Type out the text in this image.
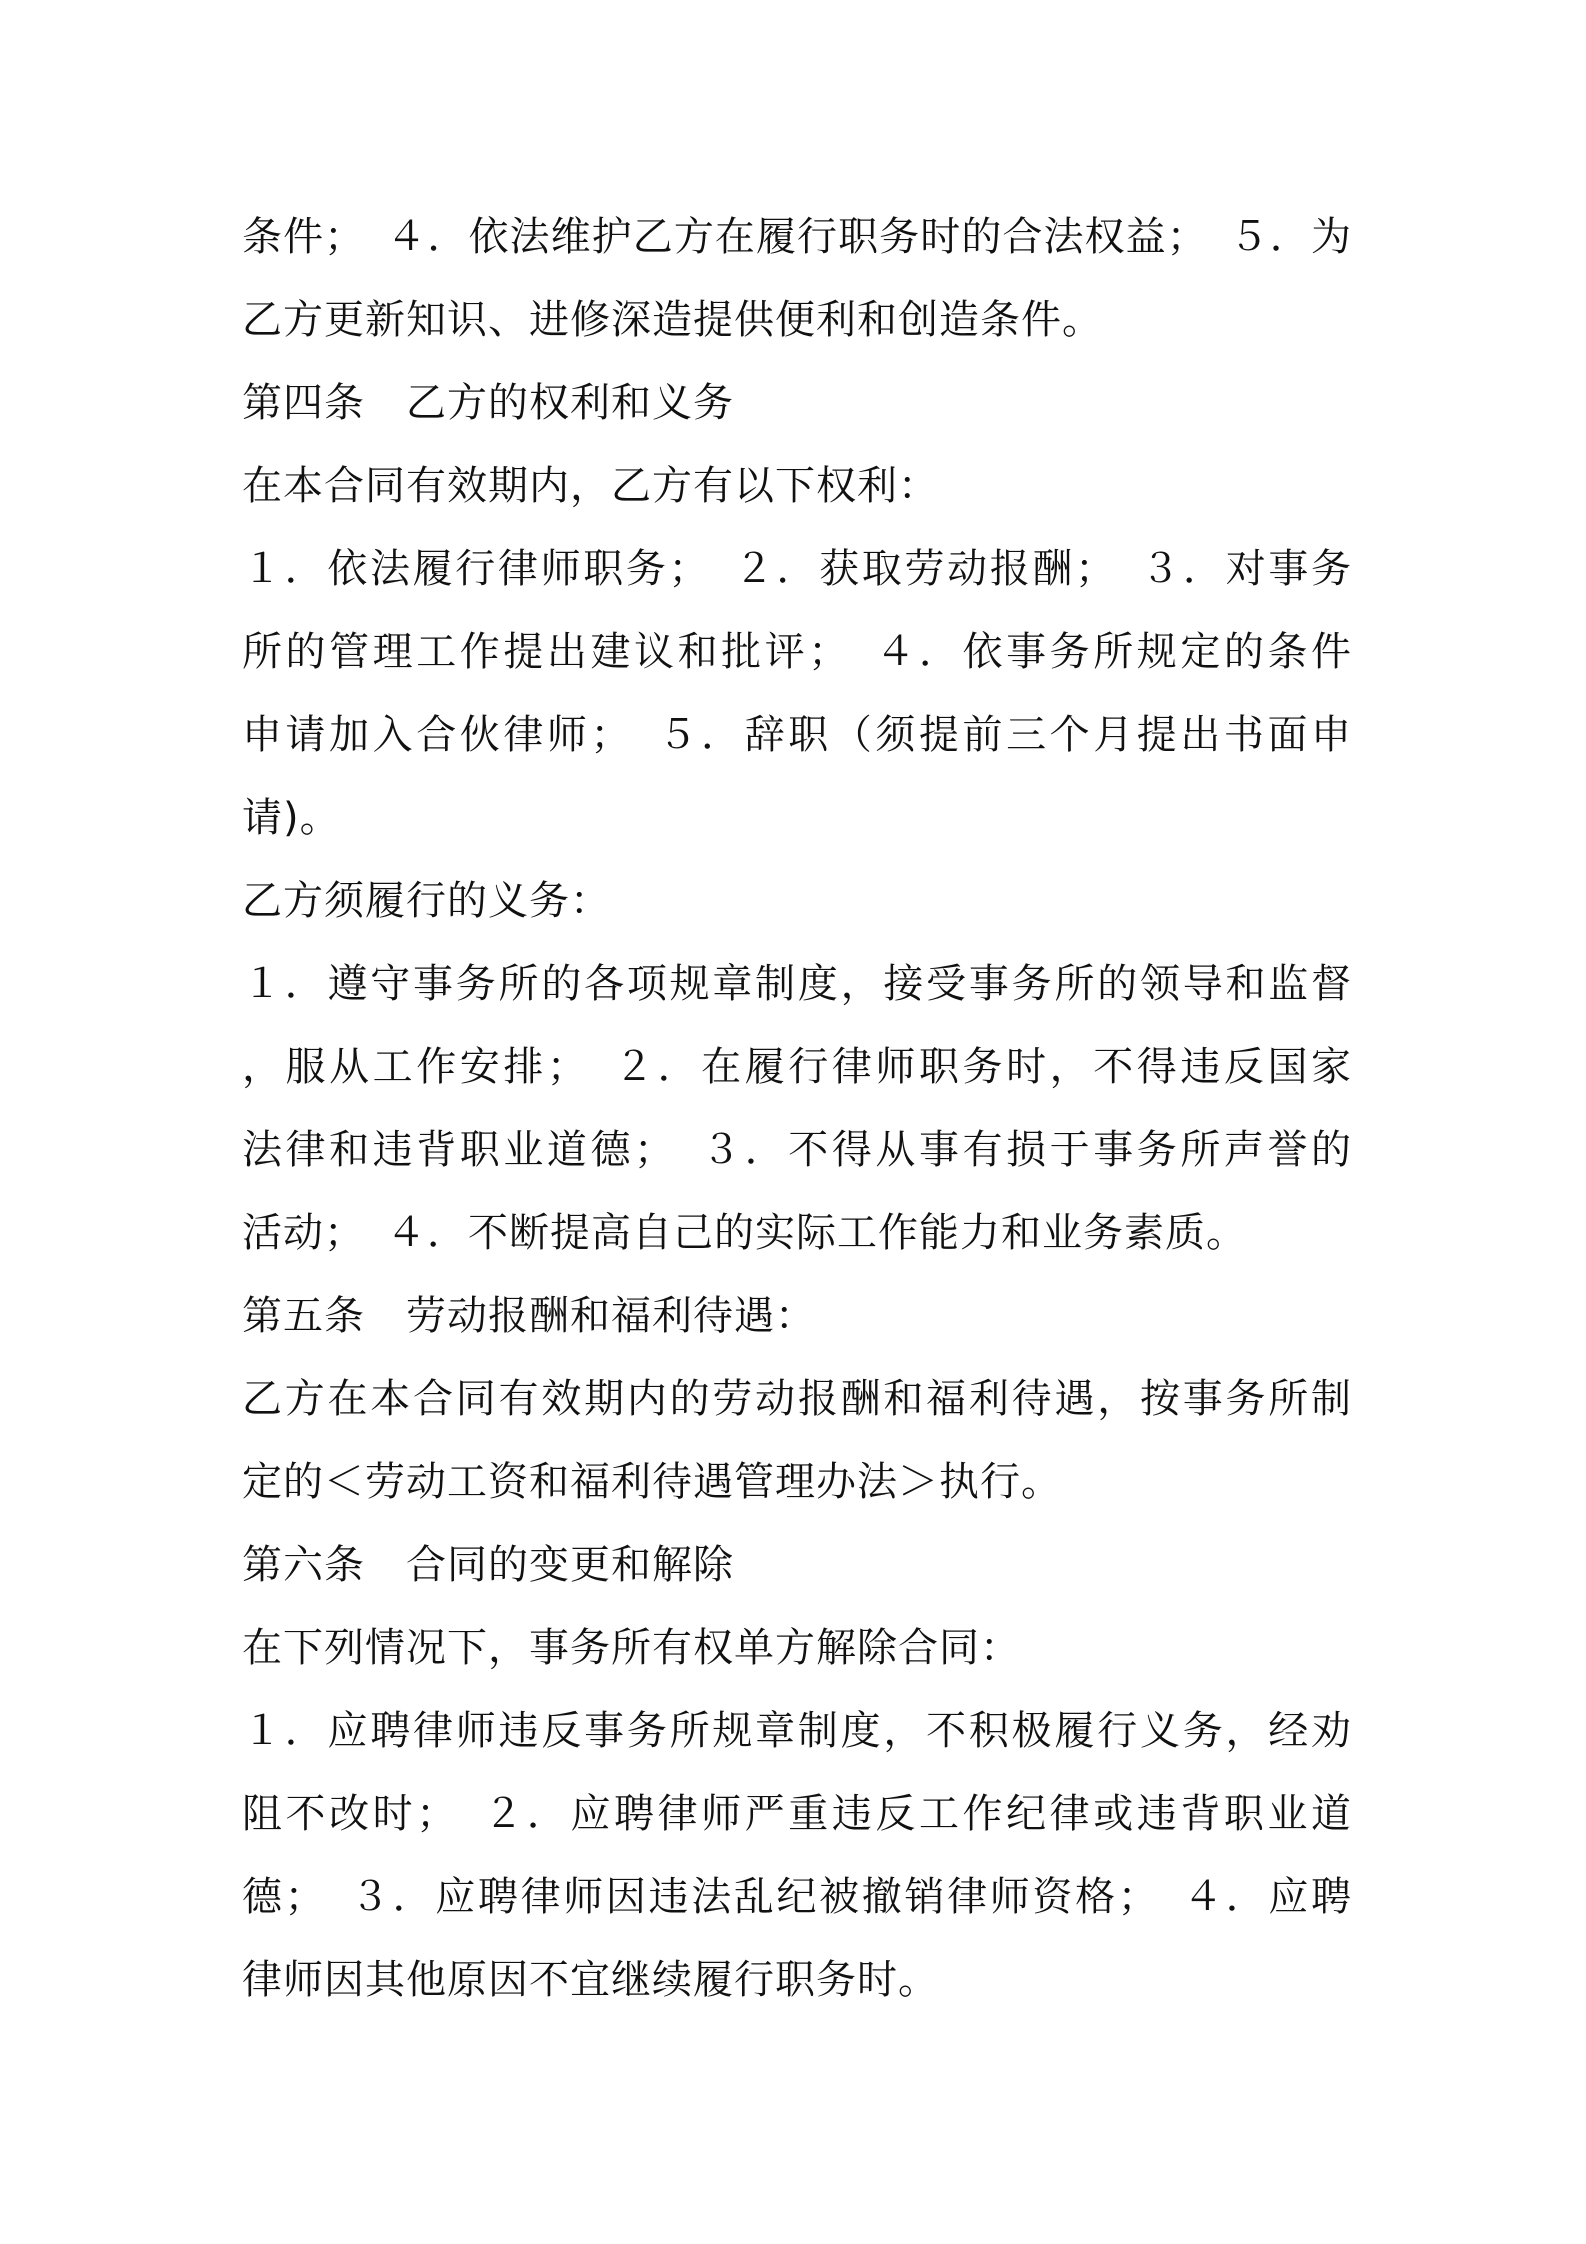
条件；　４．依法维护乙方在履行职务时的合法权益；　５．为
乙方更新知识、进修深造提供便利和创造条件。
第四条　乙方的权利和义务
在本合同有效期内，乙方有以下权利：
１．依法履行律师职务；　２．获取劳动报酬；　３．对事务
所的管理工作提出建议和批评；　４．依事务所规定的条件
申请加入合伙律师；　５．辞职（须提前三个月提出书面申
请)。
乙方须履行的义务：
１．遵守事务所的各项规章制度，接受事务所的领导和监督
，服从工作安排；　２．在履行律师职务时，不得违反国家
法律和违背职业道德；　３．不得从事有损于事务所声誉的
活动；　４．不断提高自己的实际工作能力和业务素质。
第五条　劳动报酬和福利待遇：
乙方在本合同有效期内的劳动报酬和福利待遇，按事务所制
定的＜劳动工资和福利待遇管理办法＞执行。
第六条　合同的变更和解除
在下列情况下，事务所有权单方解除合同：
１．应聘律师违反事务所规章制度，不积极履行义务，经劝
阻不改时；　２．应聘律师严重违反工作纪律或违背职业道
德；　３．应聘律师因违法乱纪被撤销律师资格；　４．应聘
律师因其他原因不宜继续履行职务时。
